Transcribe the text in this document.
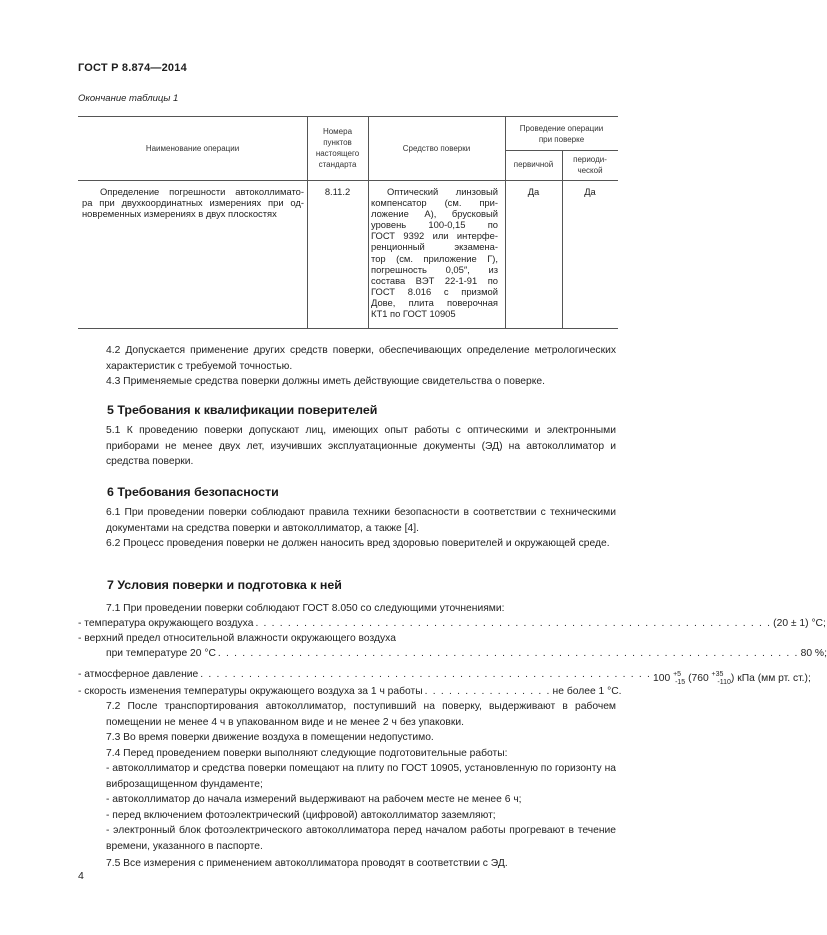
ГОСТ Р 8.874—2014
Окончание таблицы 1
Наименование операции
Номера
пунктов
настоящего
стандарта
Средство поверки
Проведение операции
при поверке
первичной
периоди-
ческой
Определение погрешности автоколлимато-
ра при двухкоординатных измерениях при од-
новременных измерениях в двух плоскостях
8.11.2	Оптический линзовый
компенсатор (см. при-
ложение А), брусковый
уровень 100-0,15 по
ГОСТ 9392 или интерфе-
ренционный экзамена-
тор (см. приложение Г),
погрешность 0,05″, из
состава ВЭТ 22-1-91 по
ГОСТ 8.016 с призмой
Дове, плита поверочная
КТ1 по ГОСТ 10905
Да	Да
4.2 Допускается применение других средств поверки, обеспечивающих определение метрологических характеристик с требуемой точностью.
4.3 Применяемые средства поверки должны иметь действующие свидетельства о поверке.
5 Требования к квалификации поверителей
5.1 К проведению поверки допускают лиц, имеющих опыт работы с оптическими и электронными приборами не менее двух лет, изучивших эксплуатационные документы (ЭД) на автоколлиматор и средства поверки.
6 Требования безопасности
6.1 При проведении поверки соблюдают правила техники безопасности в соответствии с техническими документами на средства поверки и автоколлиматор, а также [4].
6.2 Процесс проведения поверки не должен наносить вред здоровью поверителей и окружающей среде.
7 Условия поверки и подготовка к ней
7.1 При проведении поверки соблюдают ГОСТ 8.050 со следующими уточнениями:
- температура окружающего воздуха . . . . . . . . . . . . . . . . . . . . . . . . . . . . . . . . . . . . . . . . . . . . . . . . . . . . . . . . . . . . . . . . (20 ± 1) °С;
- верхний предел относительной влажности окружающего воздуха
при температуре 20 °С . . . . . . . . . . . . . . . . . . . . . . . . . . . . . . . . . . . . . . . . . . . . . . . . . . . . . . . . . . . . . . . . . . . . . . . . 80 %;
- атмосферное давление . . . . . . . . . . . . . . . . . . . . . . . . . . . . . . . . . . . . . . . . . . . . . . . . . . . . . . . . 100 $^{+5}_{-15}$ (760 $^{+35}_{-110}$) кПа (мм рт. ст.);
- скорость изменения температуры окружающего воздуха за 1 ч работы . . . . . . . . . . . . . . . . не более 1 °С.
7.2 После транспортирования автоколлиматор, поступивший на поверку, выдерживают в рабочем помещении не менее 4 ч в упакованном виде и не менее 2 ч без упаковки.
7.3 Во время поверки движение воздуха в помещении недопустимо.
7.4 Перед проведением поверки выполняют следующие подготовительные работы:
- автоколлиматор и средства поверки помещают на плиту по ГОСТ 10905, установленную по горизонту на виброзащищенном фундаменте;
- автоколлиматор до начала измерений выдерживают на рабочем месте не менее 6 ч;
- перед включением фотоэлектрический (цифровой) автоколлиматор заземляют;
- электронный блок фотоэлектрического автоколлиматора перед началом работы прогревают в течение времени, указанного в паспорте.
7.5 Все измерения с применением автоколлиматора проводят в соответствии с ЭД.
4
